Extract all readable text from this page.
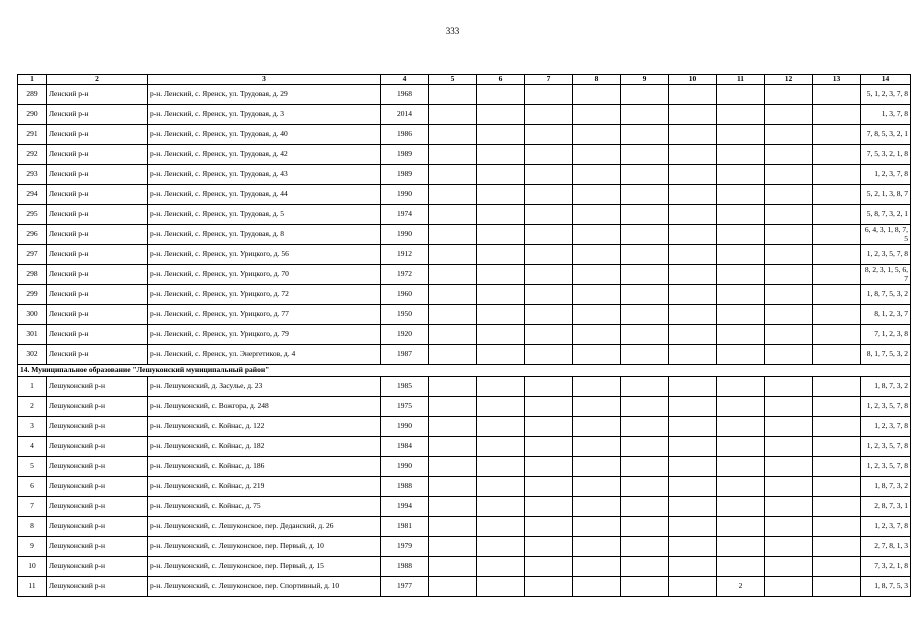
333
1	2	3	4	5	6	7	8	9	10	11	12	13	14
289	Ленский р-н	р-н. Ленский, с. Яренск, ул. Трудовая, д. 29	1968										5, 1, 2, 3, 7, 8
290	Ленский р-н	р-н. Ленский, с. Яренск, ул. Трудовая, д. 3	2014										1, 3, 7, 8
291	Ленский р-н	р-н. Ленский, с. Яренск, ул. Трудовая, д. 40	1986										7, 8, 5, 3, 2, 1
292	Ленский р-н	р-н. Ленский, с. Яренск, ул. Трудовая, д. 42	1989										7, 5, 3, 2, 1, 8
293	Ленский р-н	р-н. Ленский, с. Яренск, ул. Трудовая, д. 43	1989										1, 2, 3, 7, 8
294	Ленский р-н	р-н. Ленский, с. Яренск, ул. Трудовая, д. 44	1990										5, 2, 1, 3, 8, 7
295	Ленский р-н	р-н. Ленский, с. Яренск, ул. Трудовая, д. 5	1974										5, 8, 7, 3, 2, 1
296	Ленский р-н	р-н. Ленский, с. Яренск, ул. Трудовая, д. 8	1990										6, 4, 3, 1, 8, 7, 5
297	Ленский р-н	р-н. Ленский, с. Яренск, ул. Урицкого, д. 56	1912										1, 2, 3, 5, 7, 8
298	Ленский р-н	р-н. Ленский, с. Яренск, ул. Урицкого, д. 70	1972										8, 2, 3, 1, 5, 6, 7
299	Ленский р-н	р-н. Ленский, с. Яренск, ул. Урицкого, д. 72	1960										1, 8, 7, 5, 3, 2
300	Ленский р-н	р-н. Ленский, с. Яренск, ул. Урицкого, д. 77	1950										8, 1, 2, 3, 7
301	Ленский р-н	р-н. Ленский, с. Яренск, ул. Урицкого, д. 79	1920										7, 1, 2, 3, 8
302	Ленский р-н	р-н. Ленский, с. Яренск, ул. Энергетиков, д. 4	1987										8, 1, 7, 5, 3, 2
14. Муниципальное образование "Лешуконский муниципальный район"													
1	Лешуконский р-н	р-н. Лешуконский, д. Засулье, д. 23	1985										1, 8, 7, 3, 2
2	Лешуконский р-н	р-н. Лешуконский, с. Вожгора, д. 248	1975										1, 2, 3, 5, 7, 8
3	Лешуконский р-н	р-н. Лешуконский, с. Койнас, д. 122	1990										1, 2, 3, 7, 8
4	Лешуконский р-н	р-н. Лешуконский, с. Койнас, д. 182	1984										1, 2, 3, 5, 7, 8
5	Лешуконский р-н	р-н. Лешуконский, с. Койнас, д. 186	1990										1, 2, 3, 5, 7, 8
6	Лешуконский р-н	р-н. Лешуконский, с. Койнас, д. 219	1988										1, 8, 7, 3, 2
7	Лешуконский р-н	р-н. Лешуконский, с. Койнас, д. 75	1994										2, 8, 7, 3, 1
8	Лешуконский р-н	р-н. Лешуконский, с. Лешуконское, пер. Деданский, д. 26	1981										1, 2, 3, 7, 8
9	Лешуконский р-н	р-н. Лешуконский, с. Лешуконское, пер. Первый, д. 10	1979										2, 7, 8, 1, 3
10	Лешуконский р-н	р-н. Лешуконский, с. Лешуконское, пер. Первый, д. 15	1988										7, 3, 2, 1, 8
11	Лешуконский р-н	р-н. Лешуконский, с. Лешуконское, пер. Спортивный, д. 10	1977							2			1, 8, 7, 5, 3
